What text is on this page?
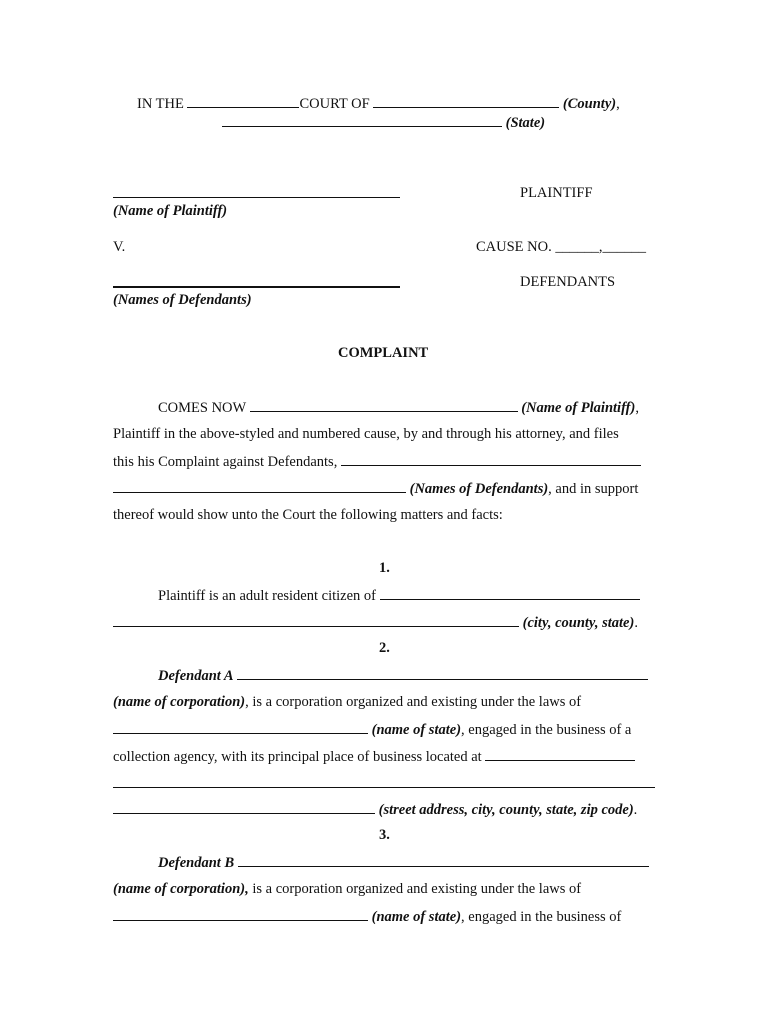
IN THE	COURT OF	(County),
(State)
PLAINTIFF
(Name of Plaintiff)
V.	CAUSE NO. ______,______
DEFENDANTS
(Names of Defendants)
COMPLAINT
COMES NOW	(Name of Plaintiff),
Plaintiff in the above-styled and numbered cause, by and through his attorney, and files
this his Complaint against Defendants,
(Names of Defendants), and in support
thereof would show unto the Court the following matters and facts:
1.
Plaintiff is an adult resident citizen of
(city, county, state).
2.
Defendant A
(name of corporation), is a corporation organized and existing under the laws of
(name of state), engaged in the business of a
collection agency, with its principal place of business located at
(street address, city, county, state, zip code).
3.
Defendant B
(name of corporation), is a corporation organized and existing under the laws of
(name of state), engaged in the business of
